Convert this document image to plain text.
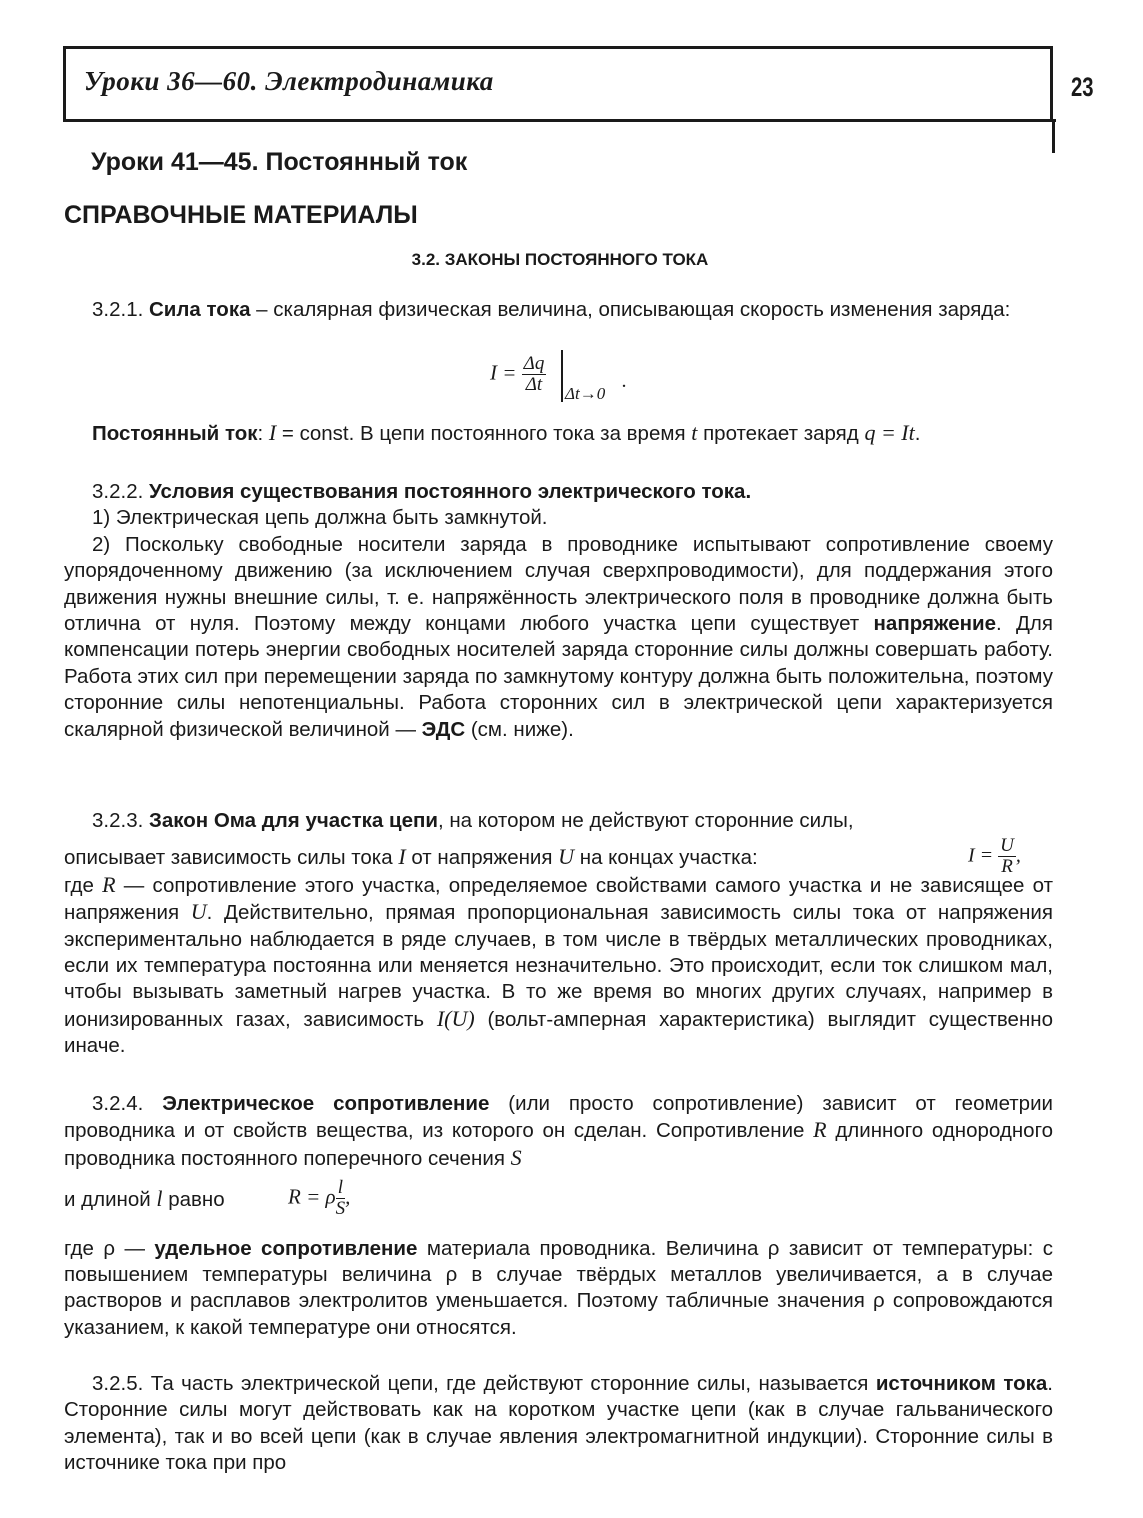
Уроки 36—60. Электродинамика	23
Уроки 41—45. Постоянный ток
СПРАВОЧНЫЕ МАТЕРИАЛЫ
3.2. ЗАКОНЫ ПОСТОЯННОГО ТОКА

3.2.1. Сила тока – скалярная физическая величина, описывающая скорость изменения заряда:

$I = \frac{\Delta q}{\Delta t} \Delta t\to 0$
.

Постоянный ток: I = const. В цепи постоянного тока за время t протекает заряд q = It.

3.2.2. Условия существования постоянного электрического тока.

1) Электрическая цепь должна быть замкнутой.

2) Поскольку свободные носители заряда в проводнике испытывают сопротивление своему упорядоченному движению (за исключением случая сверхпроводимости), для поддержания этого движения нужны внешние силы, т. е. напряжённость электрического поля в проводнике должна быть отлична от нуля. Поэтому между концами любого участка цепи существует напряжение. Для компенсации потерь энергии свободных носителей заряда сторонние силы должны совершать работу. Работа этих сил при перемещении заряда по замкнутому контуру должна быть положительна, поэтому сторонние силы непотенциальны. Работа сторонних сил в электрической цепи характеризуется скалярной физической величиной — ЭДС (см. ниже).

3.2.3. Закон Ома для участка цепи, на котором не действуют сторонние силы,

описывает зависимость силы тока I от напряжения U на концах участка:

где R — сопротивление этого участка, определяемое свойствами самого участка и не зависящее от напряжения U. Действительно, прямая пропорциональная зависимость силы тока от напряжения экспериментально наблюдается в ряде случаев, в том числе в твёрдых металлических проводниках, если их температура постоянна или меняется незначительно. Это происходит, если ток слишком мал, чтобы вызывать заметный нагрев участка. В то же время во многих других случаях, например в ионизированных газах, зависимость I(U) (вольт-амперная характеристика) выглядит существенно иначе.

$I = \frac{U}{R}$ ,

3.2.4. Электрическое сопротивление (или просто сопротивление) зависит от геометрии проводника и от свойств вещества, из которого он сделан. Сопротивление R длинного однородного проводника постоянного поперечного сечения S

и длиной l равно

где ρ — удельное сопротивление материала проводника. Величина ρ зависит от температуры: с повышением температуры величина ρ в случае твёрдых металлов увеличивается, а в случае растворов и расплавов электролитов уменьшается. Поэтому табличные значения ρ сопровождаются указанием, к какой температуре они относятся.

R = ρ $\frac{l}{S}$ ,

3.2.5. Та часть электрической цепи, где действуют сторонние силы, называется источником тока. Сторонние силы могут действовать как на коротком участке цепи (как в случае гальванического элемента), так и во всей цепи (как в случае явления электромагнитной индукции). Сторонние силы в источнике тока при про
